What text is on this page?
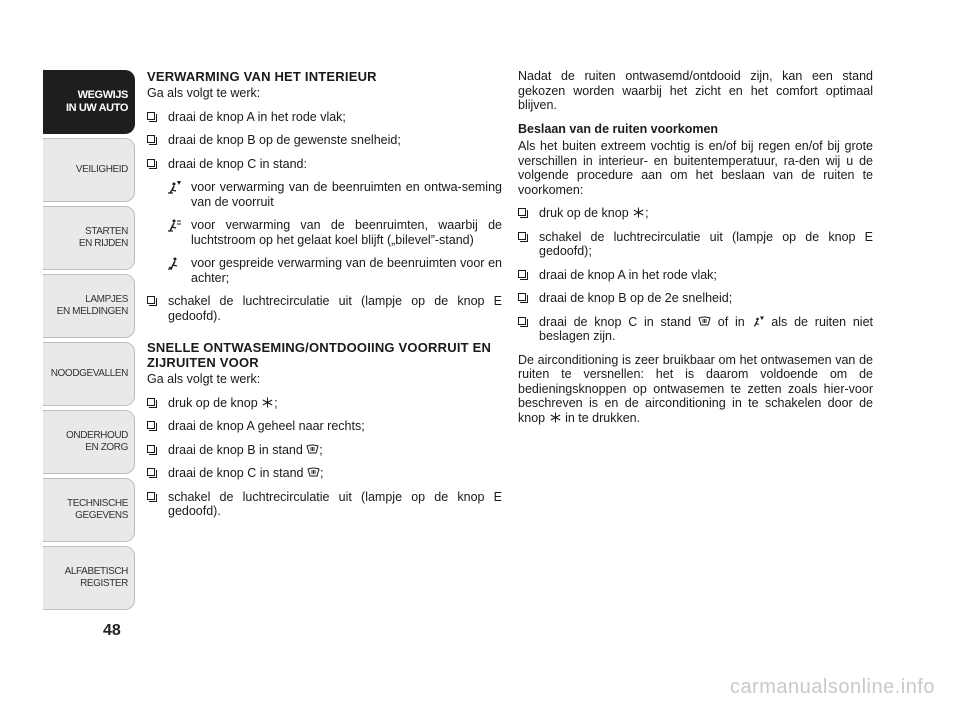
WEGWIJS
IN UW AUTO
VEILIGHEID
STARTEN
EN RIJDEN
LAMPJES
EN MELDINGEN
NOODGEVALLEN
ONDERHOUD
EN ZORG
TECHNISCHE
GEGEVENS
ALFABETISCH
REGISTER
48
VERWARMING VAN HET INTERIEUR
Ga als volgt te werk:
draai de knop A in het rode vlak;
draai de knop B op de gewenste snelheid;
draai de knop C in stand:
voor verwarming van de beenruimten en ontwa-seming van de voorruit
voor verwarming van de beenruimten, waarbij de luchtstroom op het gelaat koel blijft („bilevel”-stand)
voor gespreide verwarming van de beenruimten voor en achter;
schakel de luchtrecirculatie uit (lampje op de knop E gedoofd).
SNELLE ONTWASEMING/ONTDOOIING VOORRUIT EN ZIJRUITEN VOOR
Ga als volgt te werk:
druk op de knop
;
draai de knop A geheel naar rechts;
draai de knop B in stand
;
draai de knop C in stand
;
schakel de luchtrecirculatie uit (lampje op de knop E gedoofd).
Nadat de ruiten ontwasemd/ontdooid zijn, kan een stand gekozen worden waarbij het zicht en het comfort optimaal blijven.
Beslaan van de ruiten voorkomen
Als het buiten extreem vochtig is en/of bij regen en/of bij grote verschillen in interieur- en buitentemperatuur, ra-den wij u de volgende procedure aan om het beslaan van de ruiten te voorkomen:
druk op de knop
;
schakel de luchtrecirculatie uit (lampje op de knop E gedoofd);
draai de knop A in het rode vlak;
draai de knop B op de 2e snelheid;
draai de knop C in stand
of in
als de ruiten niet beslagen zijn.
De airconditioning is zeer bruikbaar om het ontwasemen van de ruiten te versnellen: het is daarom voldoende om de bedieningsknoppen op ontwasemen te zetten zoals hier-voor beschreven is en de airconditioning in te schakelen door de knop
in te drukken.
carmanualsonline.info
